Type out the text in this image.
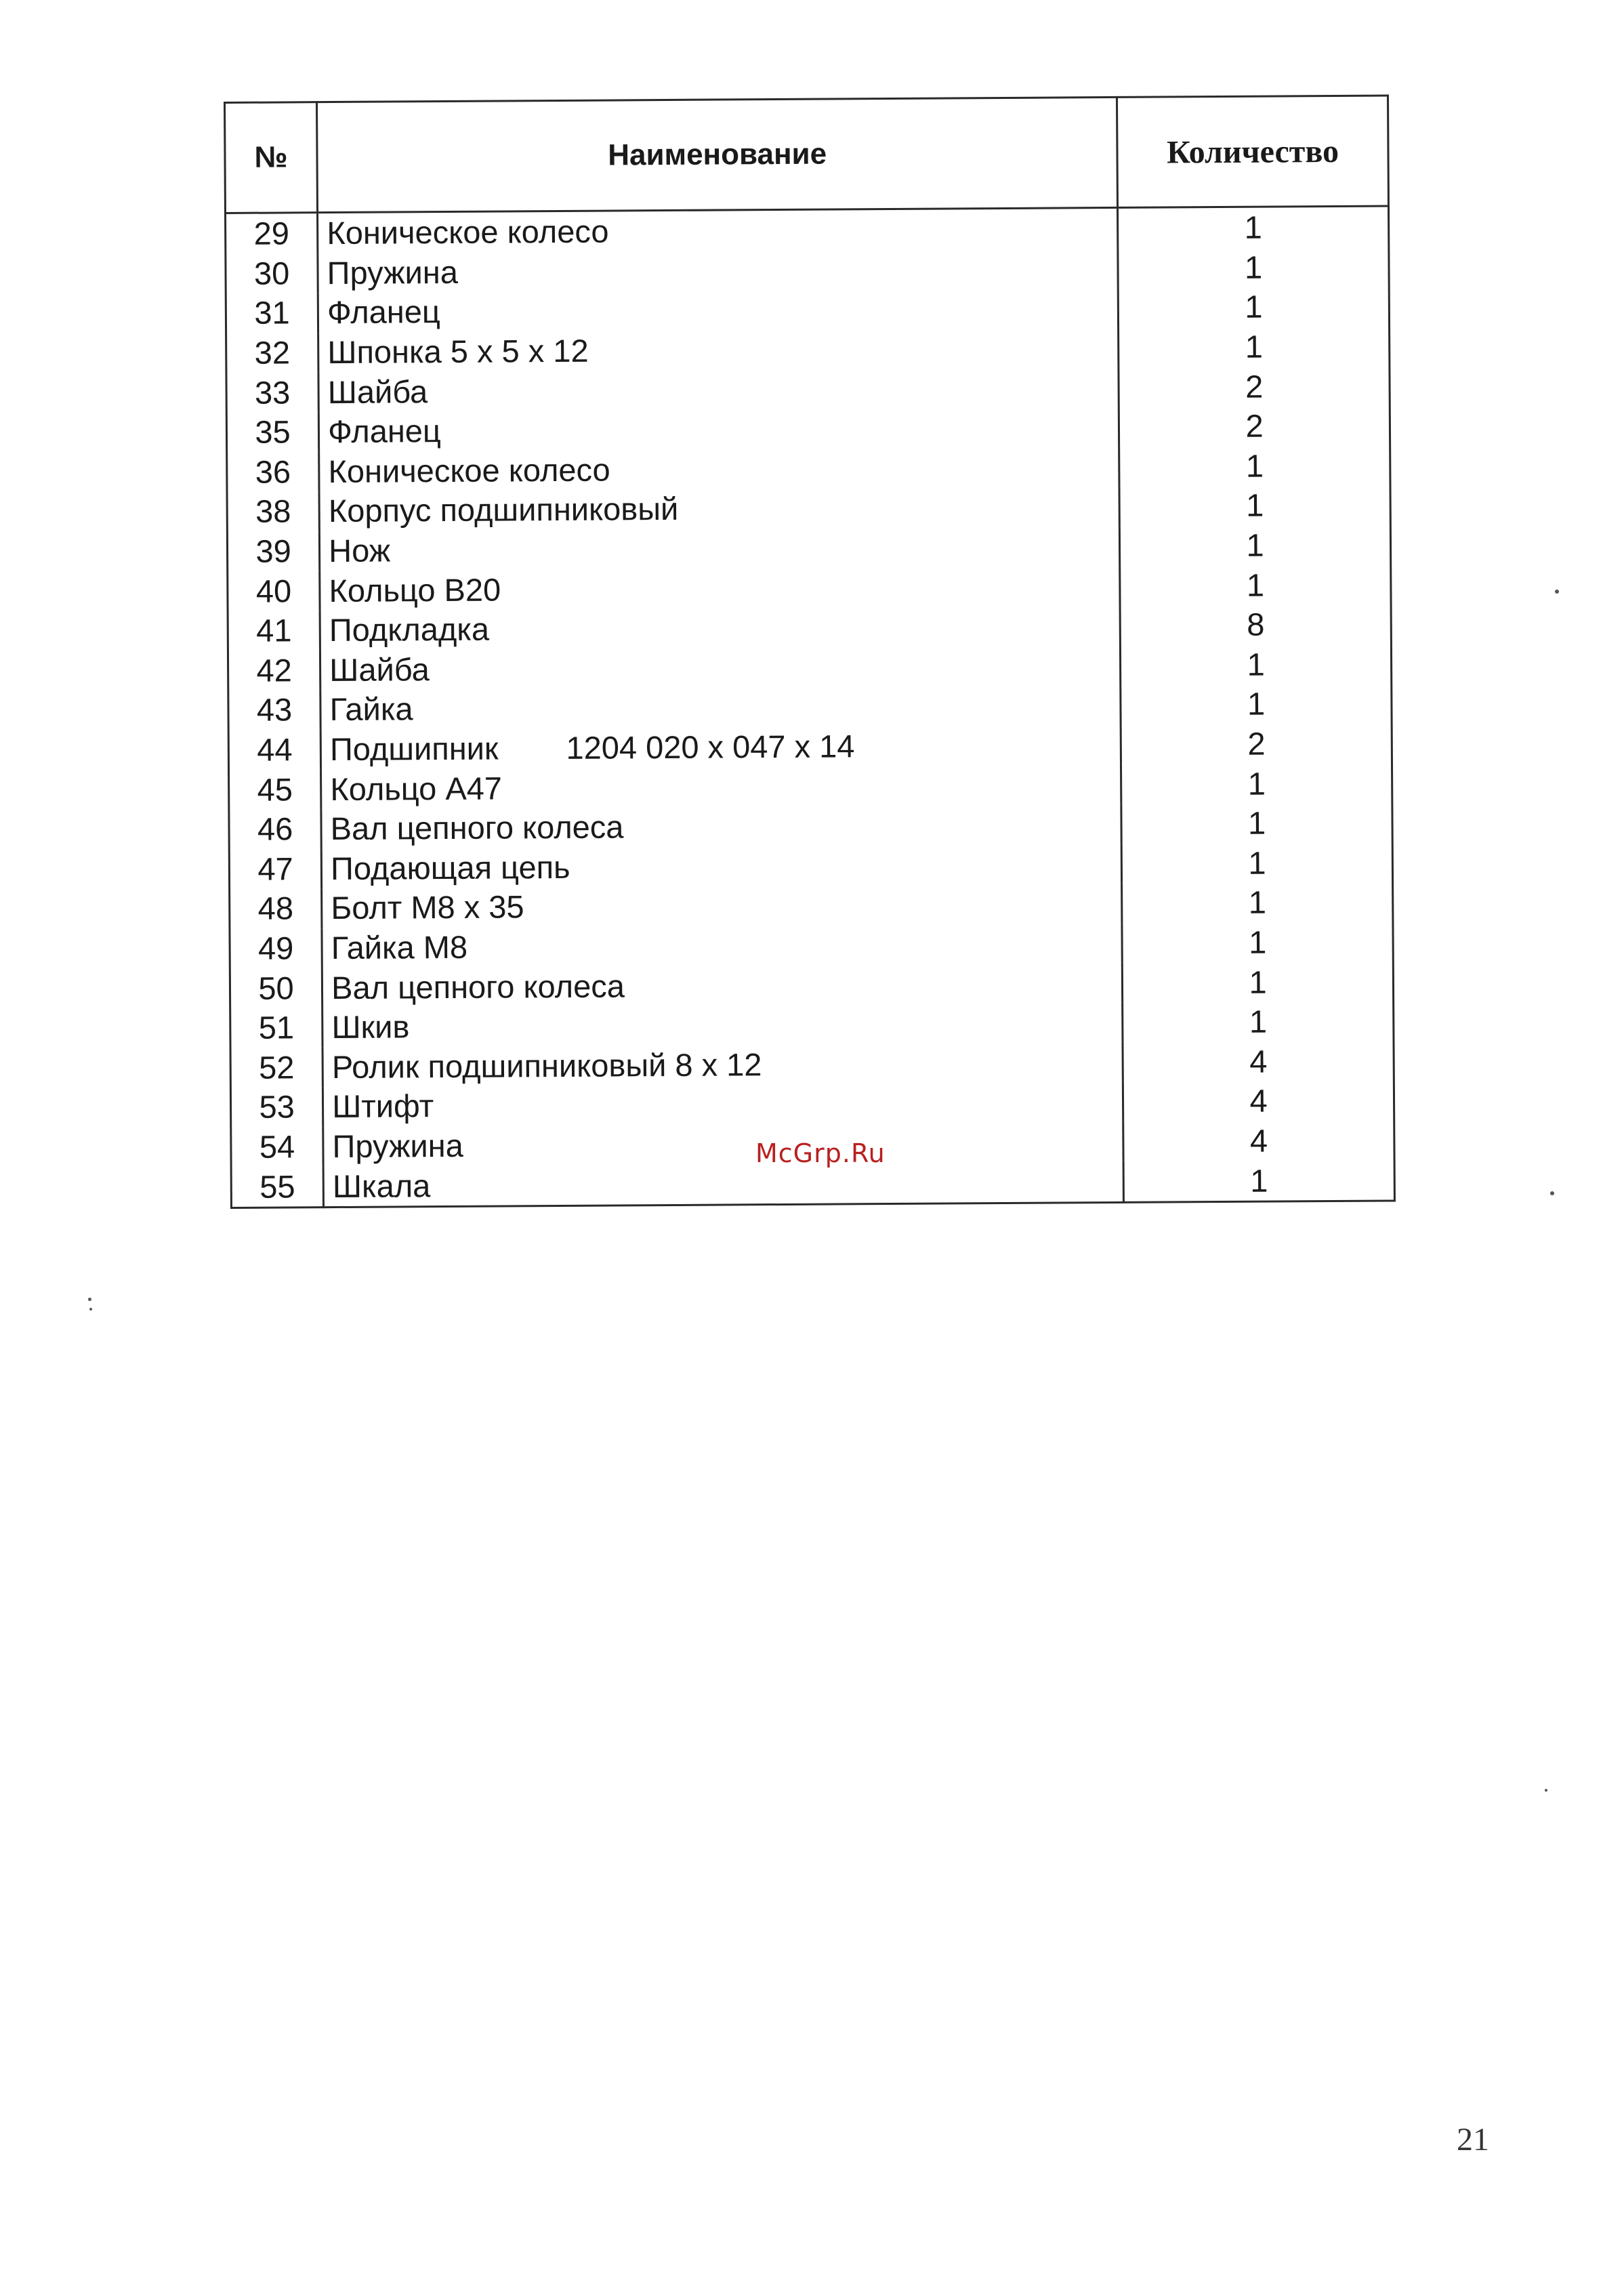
№	Наименование	Количество
29	Коническое колесо	1
30	Пружина	1
31	Фланец	1
32	Шпонка 5 x 5 x 12	1
33	Шайба	2
35	Фланец	2
36	Коническое колесо	1
38	Корпус подшипниковый	1
39	Нож	1
40	Кольцо B20	1
41	Подкладка	8
42	Шайба	1
43	Гайка	1
44	Подшипник 1204 020 x 047 x 14	2
45	Кольцо A47	1
46	Вал цепного колеса	1
47	Подающая цепь	1
48	Болт M8 x 35	1
49	Гайка M8	1
50	Вал цепного колеса	1
51	Шкив	1
52	Ролик подшипниковый 8 x 12	4
53	Штифт	4
54	Пружина	4
55	Шкала	1
McGrp.Ru
21
